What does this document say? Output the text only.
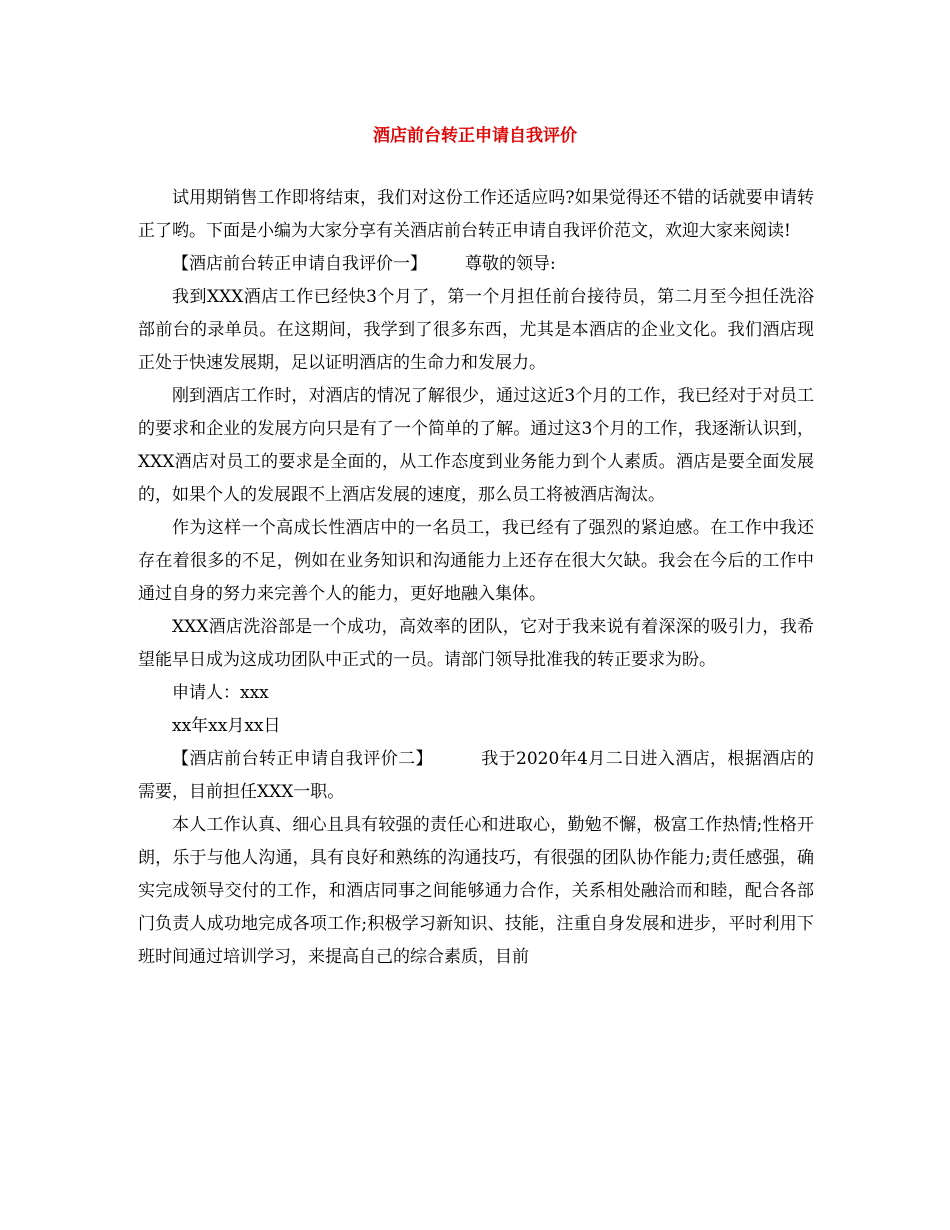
酒店前台转正申请自我评价

试用期销售工作即将结束，我们对这份工作还适应吗?如果觉得还不错的话就要申请转正了哟。下面是小编为大家分享有关酒店前台转正申请自我评价范文，欢迎大家来阅读!

【酒店前台转正申请自我评价一】 尊敬的领导:

我到XXX酒店工作已经快3个月了，第一个月担任前台接待员，第二月至今担任洗浴部前台的录单员。在这期间，我学到了很多东西，尤其是本酒店的企业文化。我们酒店现正处于快速发展期，足以证明酒店的生命力和发展力。

刚到酒店工作时，对酒店的情况了解很少，通过这近3个月的工作，我已经对于对员工的要求和企业的发展方向只是有了一个简单的了解。通过这3个月的工作，我逐渐认识到，XXX酒店对员工的要求是全面的，从工作态度到业务能力到个人素质。酒店是要全面发展的，如果个人的发展跟不上酒店发展的速度，那么员工将被酒店淘汰。

作为这样一个高成长性酒店中的一名员工，我已经有了强烈的紧迫感。在工作中我还存在着很多的不足，例如在业务知识和沟通能力上还存在很大欠缺。我会在今后的工作中通过自身的努力来完善个人的能力，更好地融入集体。

XXX酒店洗浴部是一个成功，高效率的团队，它对于我来说有着深深的吸引力，我希望能早日成为这成功团队中正式的一员。请部门领导批准我的转正要求为盼。

申请人：xxx

xx年xx月xx日

【酒店前台转正申请自我评价二】	我于2020年4月二日进入酒店，根据酒店的需要，目前担任XXX一职。

本人工作认真、细心且具有较强的责任心和进取心，勤勉不懈，极富工作热情;性格开朗，乐于与他人沟通，具有良好和熟练的沟通技巧，有很强的团队协作能力;责任感强，确实完成领导交付的工作，和酒店同事之间能够通力合作，关系相处融洽而和睦，配合各部门负责人成功地完成各项工作;积极学习新知识、技能，注重自身发展和进步，平时利用下班时间通过培训学习，来提高自己的综合素质，目前
